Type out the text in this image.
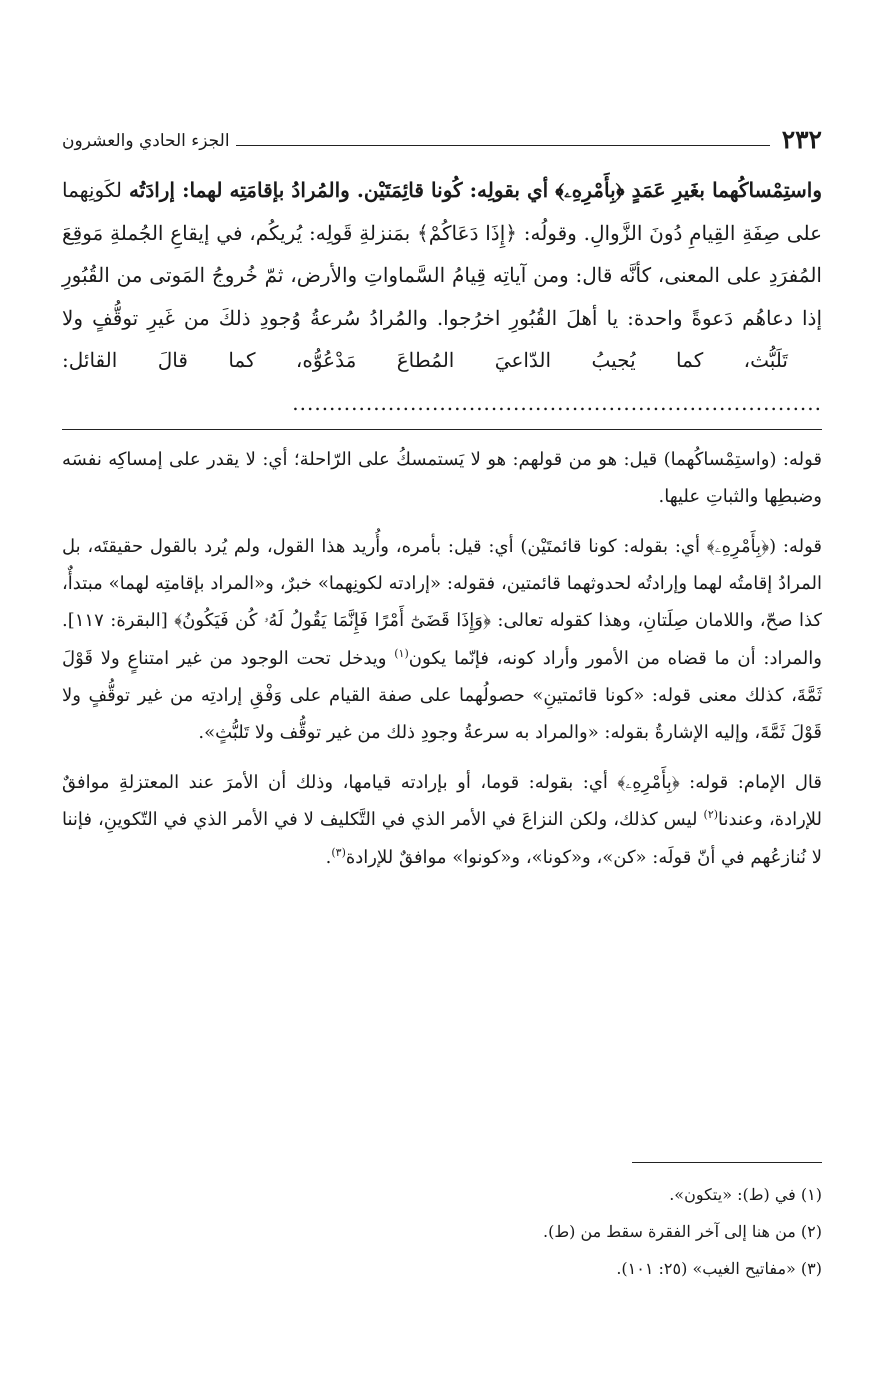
٢٣٢
الجزء الحادي والعشرون
واستِمْساكُهما بغَيرِ عَمَدٍ ﴿بِأَمْرِهِۦ﴾ أي بقولِه: كُونا قائِمَتَيْن. والمُرادُ بإقامَتِه لهما: إرادَتُه لكَونِهما على صِفَةِ القِيامِ دُونَ الزَّوالِ. وقولُه: ﴿إِذَا دَعَاكُمْ﴾ بمَنزلةِ قَولِه: يُريكُم، في إيقاعِ الجُملةِ مَوقِعَ المُفرَدِ على المعنى، كأنَّه قال: ومن آياتِه قِيامُ السَّماواتِ والأرض، ثمّ خُروجُ المَوتى من القُبُورِ إذا دعاهُم دَعوةً واحدة: يا أهلَ القُبُورِ اخرُجوا. والمُرادُ سُرعةُ وُجودِ ذلكَ من غَيرِ توقُّفٍ ولا تَلَبُّث، كما يُجيبُ الدّاعيَ المُطاعَ مَدْعُوُّه، كما قالَ القائل: ........................................................................

قوله: (واستِمْساكُهما) قيل: هو من قولهم: هو لا يَستمسكُ على الرّاحلة؛ أي: لا يقدر على إمساكِه نفسَه وضبطِها والثباتِ عليها.

قوله: (﴿بِأَمْرِهِۦ﴾ أي: بقوله: كونا قائمتَيْن) أي: قيل: بأمره، وأُريد هذا القول، ولم يُرد بالقول حقيقتَه، بل المرادُ إقامتُه لهما وإرادتُه لحدوثهما قائمتين، فقوله: «إرادته لكونِهما» خبرٌ، و«المراد بإقامتِه لهما» مبتدأٌ، كذا صحّ، واللامان صِلَتانِ، وهذا كقوله تعالى: ﴿وَإِذَا قَضَىٰٓ أَمْرًا فَإِنَّمَا يَقُولُ لَهُۥ كُن فَيَكُونُ﴾ [البقرة: ١١٧]. والمراد: أن ما قضاه من الأمور وأراد كونه، فإنّما يكون$^{(١)}$ ويدخل تحت الوجود من غير امتناعٍ ولا قَوْلَ ثَمَّةَ، كذلك معنى قوله: «كونا قائمتينِ» حصولُهما على صفة القيام على وَفْقِ إرادتِه من غير توقُّفٍ ولا قَوْلَ ثَمَّةَ، وإليه الإشارةُ بقوله: «والمراد به سرعةُ وجودِ ذلك من غير توقُّف ولا تَلبُّثٍ».

قال الإمام: قوله: ﴿بِأَمْرِهِۦ﴾ أي: بقوله: قوما، أو بإرادته قيامها، وذلك أن الأمرَ عند المعتزلةِ موافقٌ للإرادة، وعندنا$^{(٢)}$ ليس كذلك، ولكن النزاعَ في الأمر الذي في التَّكليف لا في الأمر الذي في التّكوينِ، فإننا لا نُنازعُهم في أنّ قولَه: «كن»، و«كونا»، و«كونوا» موافقٌ للإرادة$^{(٣)}$.

(١) في (ط): «يتكون».
(٢) من هنا إلى آخر الفقرة سقط من (ط).
(٣) «مفاتيح الغيب» (٢٥: ١٠١).
